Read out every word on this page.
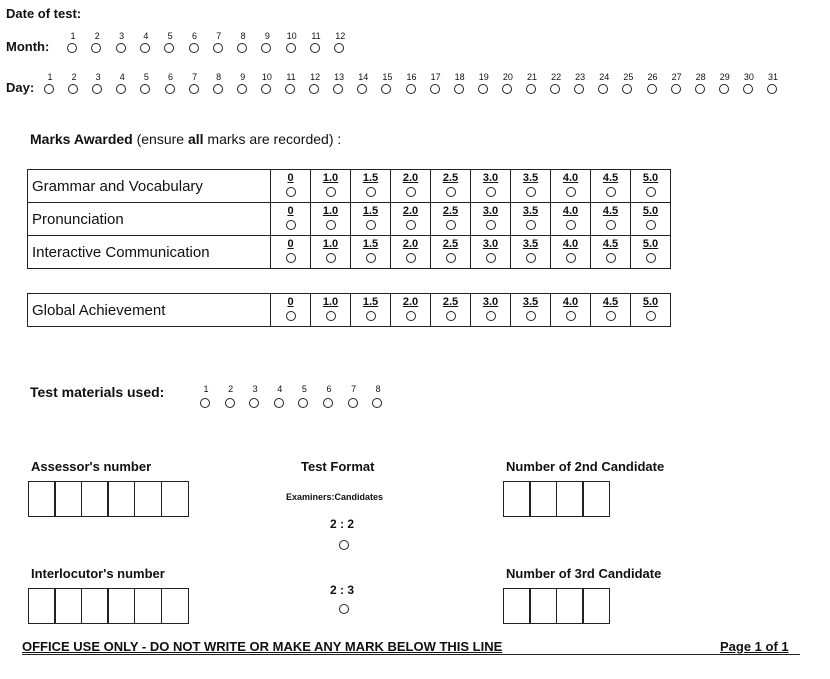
Date of test:
Month:
1	2	3	4	5	6	7	8	9	10	11	12
Day:
1	2	3	4	5	6	7	8	9	10	11	12	13	14	15	16	17	18	19	20	21	22	23	24	25	26	27	28	29	30	31
Marks Awarded (ensure all marks are recorded) :
Grammar and Vocabulary	0	1.0	1.5	2.0	2.5	3.0	3.5	4.0	4.5	5.0

Pronunciation	0	1.0	1.5	2.0	2.5	3.0	3.5	4.0	4.5	5.0

Interactive Communication	0	1.0	1.5	2.0	2.5	3.0	3.5	4.0	4.5	5.0
Global Achievement	0	1.0	1.5	2.0	2.5	3.0	3.5	4.0	4.5	5.0
Test materials used:	1	2	3	4	5	6	7	8
Assessor's number
Interlocutor's number
Test Format
Examiners:Candidates
2 : 2
2 : 3
Number of 2nd Candidate
Number of 3rd Candidate
OFFICE USE ONLY - DO NOT WRITE OR MAKE ANY MARK BELOW THIS LINE	Page 1 of 1
